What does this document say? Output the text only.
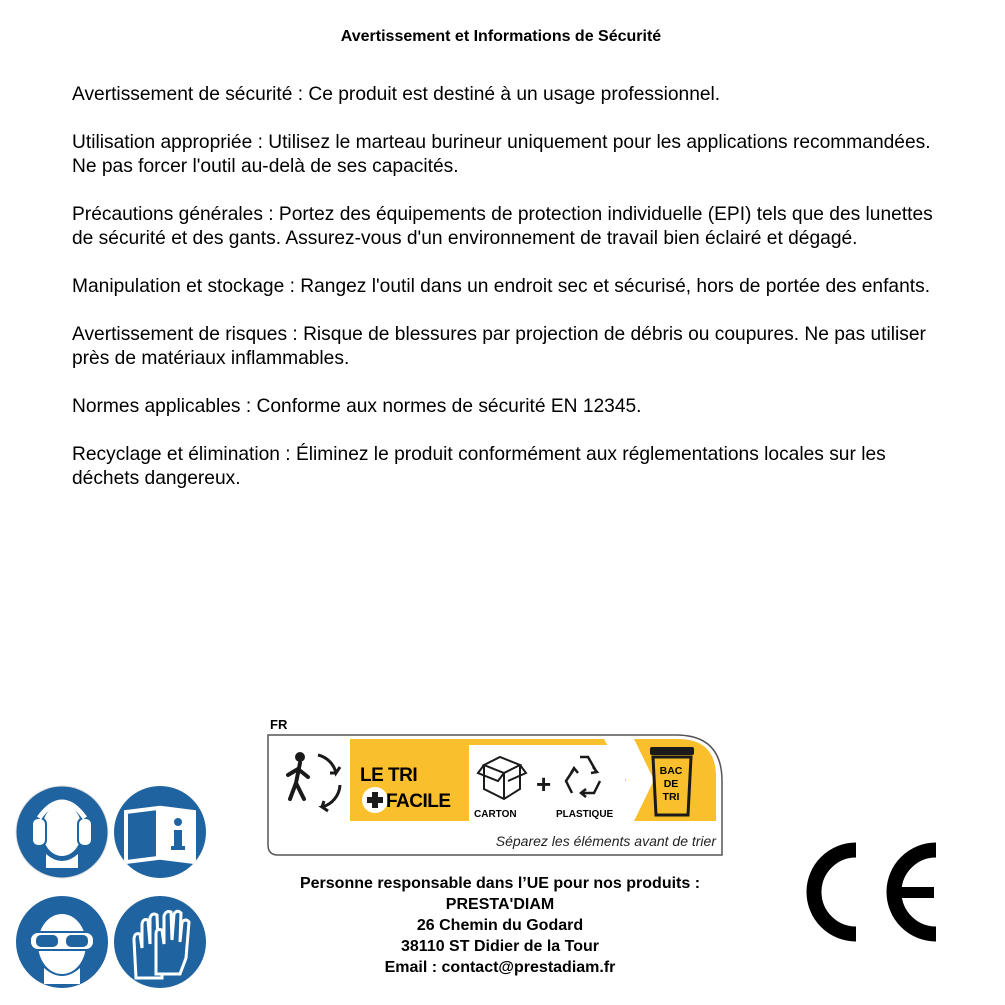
Avertissement et Informations de Sécurité

Avertissement de sécurité : Ce produit est destiné à un usage professionnel.

Utilisation appropriée : Utilisez le marteau burineur uniquement pour les applications recommandées. Ne pas forcer l'outil au-delà de ses capacités.

Précautions générales : Portez des équipements de protection individuelle (EPI) tels que des lunettes de sécurité et des gants. Assurez-vous d'un environnement de travail bien éclairé et dégagé.

Manipulation et stockage : Rangez l'outil dans un endroit sec et sécurisé, hors de portée des enfants.

Avertissement de risques : Risque de blessures par projection de débris ou coupures. Ne pas utiliser près de matériaux inflammables.

Normes applicables : Conforme aux normes de sécurité EN 12345.

Recyclage et élimination : Éliminez le produit conformément aux réglementations locales sur les déchets dangereux.

FR
+
LE TRI
FACILE
CARTON	PLASTIQUE
BAC
DE
TRI
Séparez les éléments avant de trier
Personne responsable dans l’UE pour nos produits :
PRESTA'DIAM
26 Chemin du Godard
38110 ST Didier de la Tour
Email : contact@prestadiam.fr
